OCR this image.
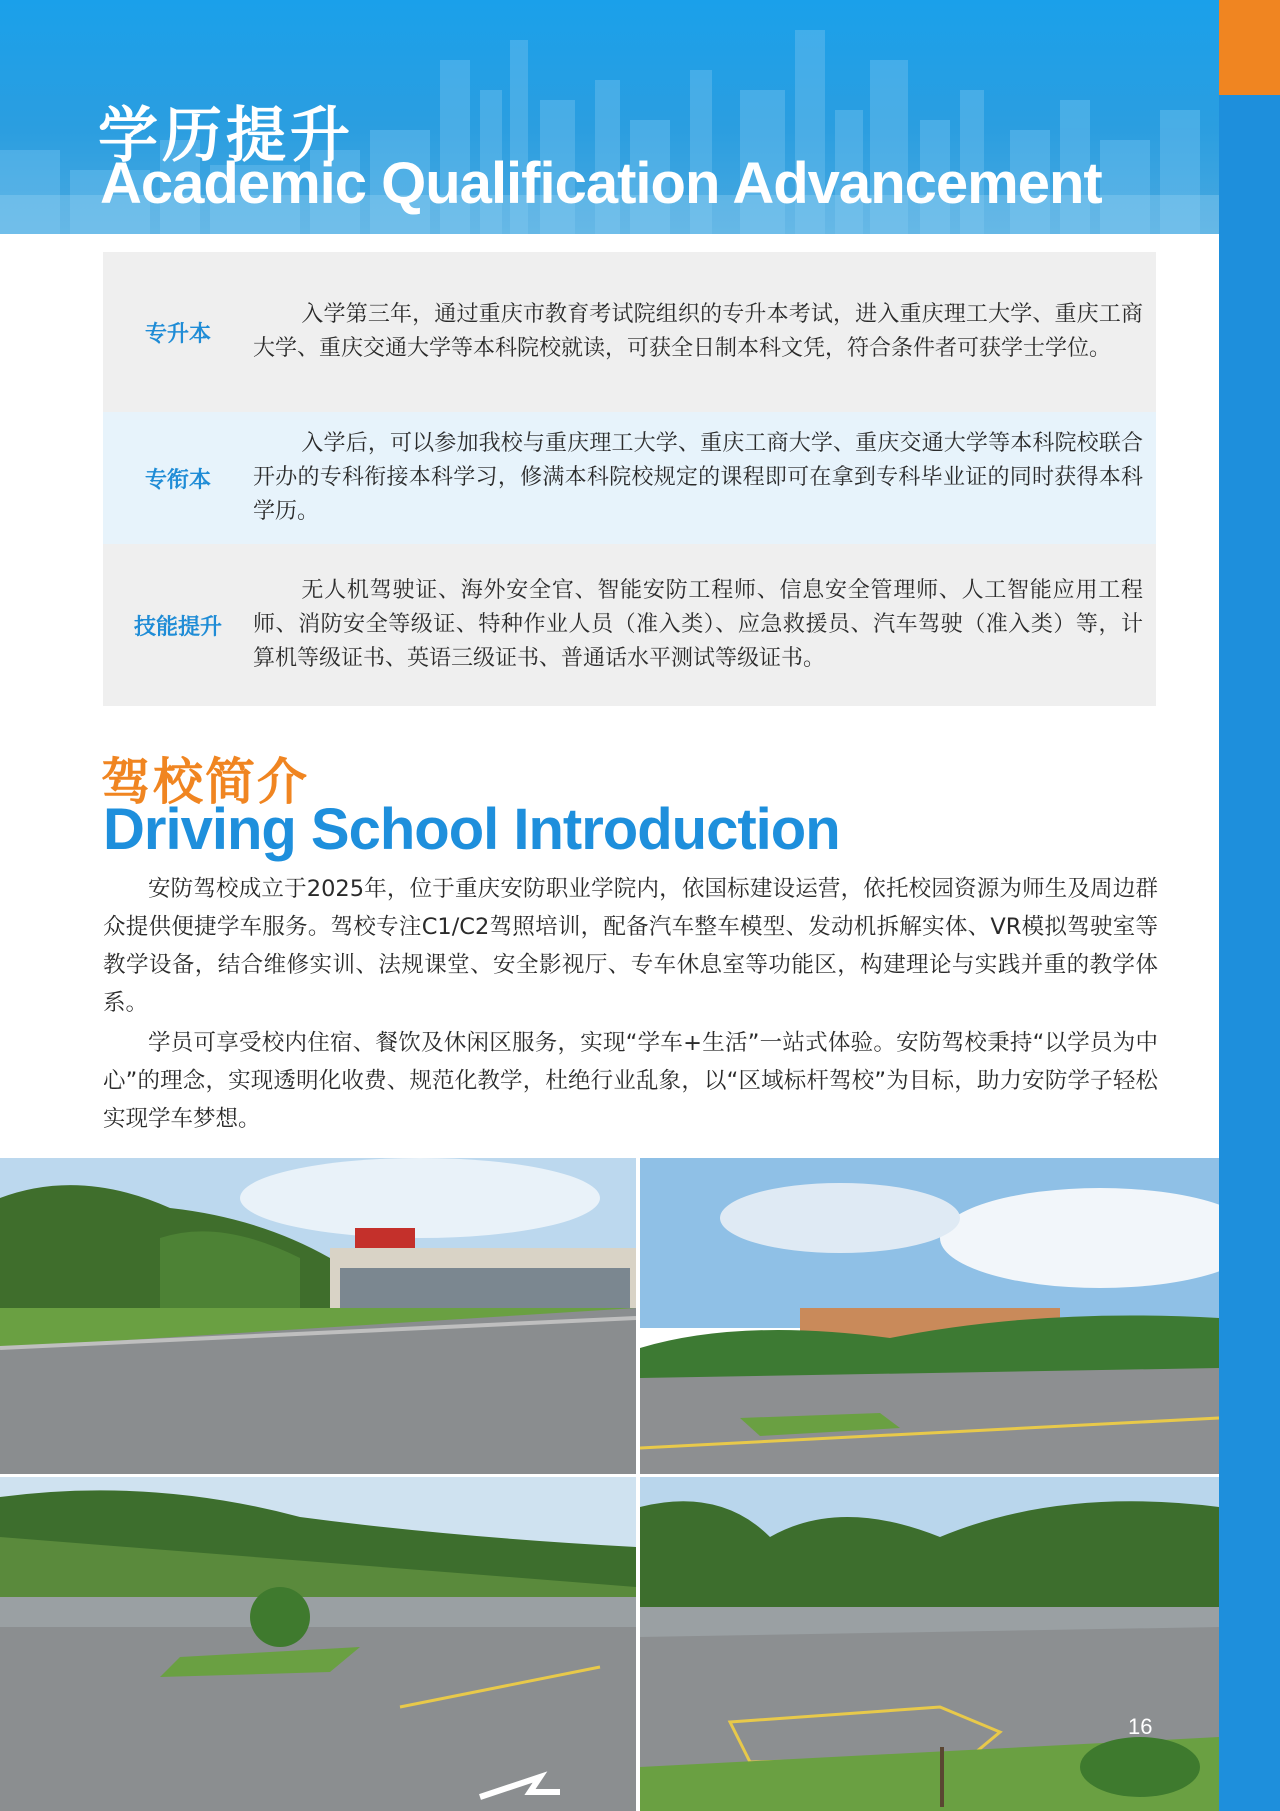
学历提升
Academic Qualification Advancement
专升本
入学第三年，通过重庆市教育考试院组织的专升本考试，进入重庆理工大学、重庆工商大学、重庆交通大学等本科院校就读，可获全日制本科文凭，符合条件者可获学士学位。
专衔本
入学后，可以参加我校与重庆理工大学、重庆工商大学、重庆交通大学等本科院校联合开办的专科衔接本科学习，修满本科院校规定的课程即可在拿到专科毕业证的同时获得本科学历。
技能提升
无人机驾驶证、海外安全官、智能安防工程师、信息安全管理师、人工智能应用工程师、消防安全等级证、特种作业人员（准入类）、应急救援员、汽车驾驶（准入类）等，计算机等级证书、英语三级证书、普通话水平测试等级证书。
驾校简介
Driving School Introduction

安防驾校成立于2025年，位于重庆安防职业学院内，依国标建设运营，依托校园资源为师生及周边群众提供便捷学车服务。驾校专注C1/C2驾照培训，配备汽车整车模型、发动机拆解实体、VR模拟驾驶室等教学设备，结合维修实训、法规课堂、安全影视厅、专车休息室等功能区，构建理论与实践并重的教学体系。

学员可享受校内住宿、餐饮及休闲区服务，实现“学车+生活”一站式体验。安防驾校秉持“以学员为中心”的理念，实现透明化收费、规范化教学，杜绝行业乱象，以“区域标杆驾校”为目标，助力安防学子轻松实现学车梦想。

16
